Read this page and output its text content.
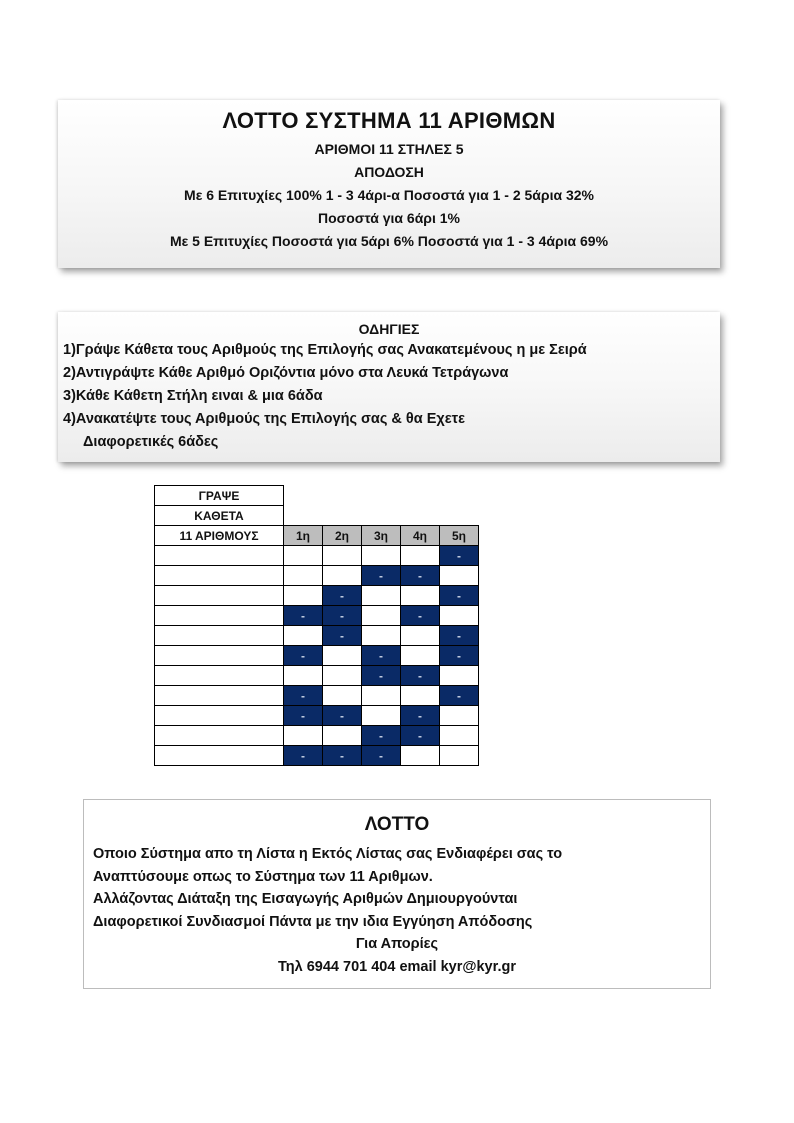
ΛΟΤΤΟ ΣΥΣΤΗΜΑ 11 ΑΡΙΘΜΩΝ
ΑΡΙΘΜΟΙ 11 ΣΤΗΛΕΣ 5
ΑΠΟΔΟΣΗ
Με 6 Επιτυχίες 100% 1 - 3 4άρι-α Ποσοστά για 1 - 2 5άρια 32%
Ποσοστά για 6άρι 1%
Με 5 Επιτυχίες Ποσοστά για 5άρι 6% Ποσοστά για 1 - 3 4άρια 69%
ΟΔΗΓΙΕΣ
1)Γράψε Κάθετα τους Αριθμούς της Επιλογής σας Ανακατεμένους η με Σειρά
2)Αντιγράψτε Κάθε Αριθμό Οριζόντια μόνο στα Λευκά Τετράγωνα
3)Κάθε Κάθετη Στήλη ειναι & μια 6άδα
4)Ανακατέψτε τους Αριθμούς της Επιλογής σας & θα Εχετε
Διαφορετικές 6άδες
ΓΡΑΨΕ					
ΚΑΘΕΤΑ					
11 ΑΡΙΘΜΟΥΣ	1η	2η	3η	4η	5η
					-
			-	-	
		-			-
	-	-		-	
		-			-
	-		-		-
			-	-	
	-				-
	-	-		-	
			-	-	
	-	-	-		
ΛΟΤΤΟ
Οποιο Σύστημα απο τη Λίστα η Εκτός Λίστας σας Ενδιαφέρει σας το
Αναπτύσουμε οπως το Σύστημα των 11 Αριθμων.
Αλλάζοντας Διάταξη της Εισαγωγής Αριθμών Δημιουργούνται
Διαφορετικοί Συνδιασμοί Πάντα με την ιδια Εγγύηση Απόδοσης
Για Απορίες
Τηλ 6944 701 404 email kyr@kyr.gr
